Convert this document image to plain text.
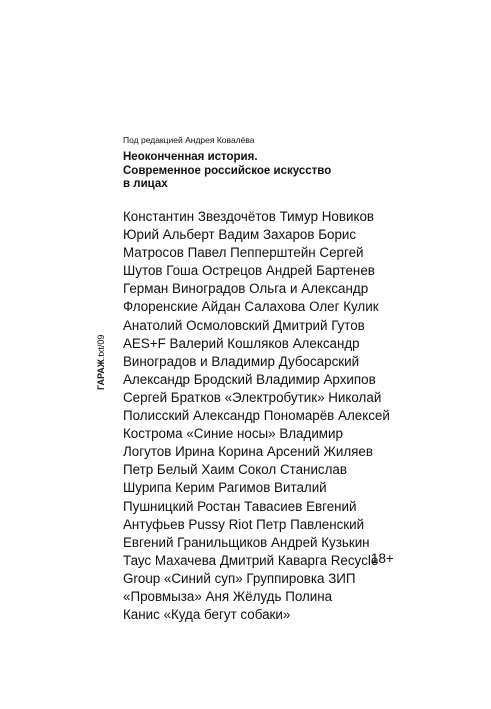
ГАРАЖ.txt/09
Под редакцией Андрея Ковалёва
Неоконченная история.
Современное российское искусство
в лицах
Константин Звездочётов Тимур Новиков
Юрий Альберт Вадим Захаров Борис
Матросов Павел Пепперштейн Сергей
Шутов Гоша Острецов Андрей Бартенев
Герман Виноградов Ольга и Александр
Флоренские Айдан Салахова Олег Кулик
Анатолий Осмоловский Дмитрий Гутов
AES+F Валерий Кошляков Александр
Виноградов и Владимир Дубосарский
Александр Бродский Владимир Архипов
Сергей Братков «Электробутик» Николай
Полисский Александр Пономарёв Алексей
Кострома «Синие носы» Владимир
Логутов Ирина Корина Арсений Жиляев
Петр Белый Хаим Сокол Станислав
Шурипа Керим Рагимов Виталий
Пушницкий Ростан Тавасиев Евгений
Антуфьев Pussy Riot Петр Павленский
Евгений Гранильщиков Андрей Кузькин
Таус Махачева Дмитрий Каварга Recycle
Group «Синий суп» Группировка ЗИП
«Провмыза» Аня Жёлудь Полина
Канис «Куда бегут собаки»
18+
